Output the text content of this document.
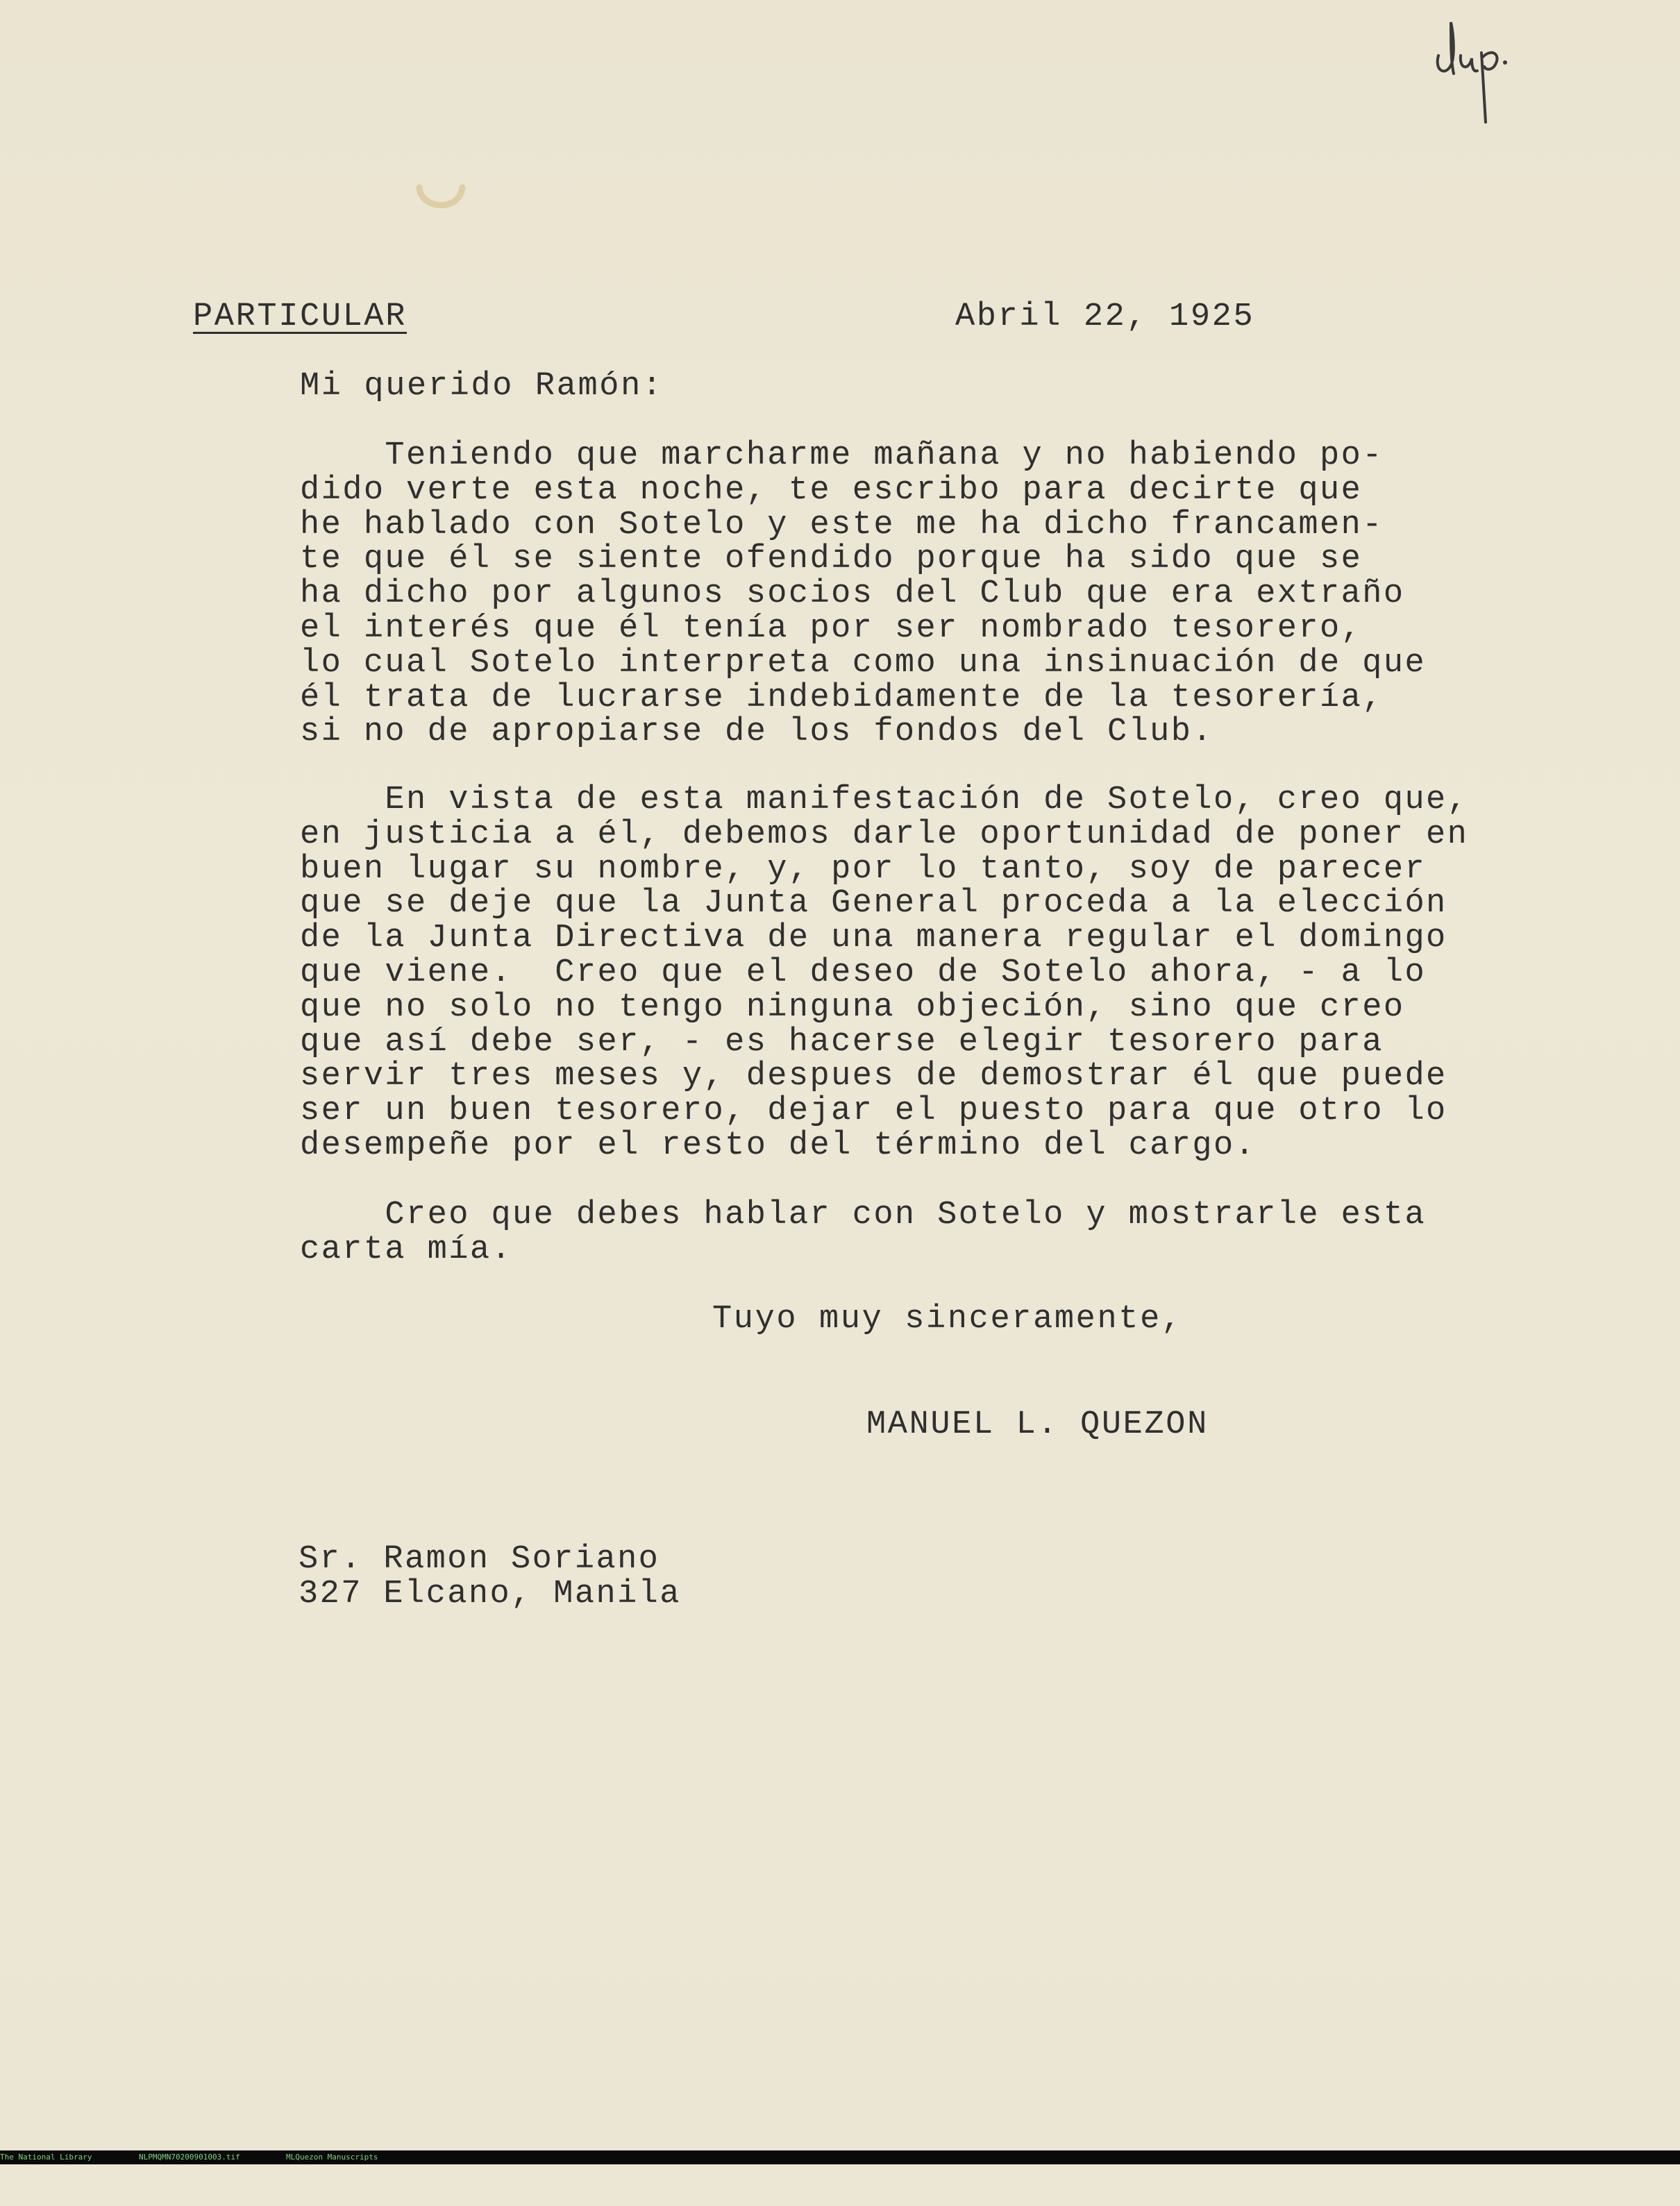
PARTICULAR	Abril 22, 1925
Mi querido Ramón:
Teniendo que marcharme mañana y no habiendo po-
dido verte esta noche, te escribo para decirte que
he hablado con Sotelo y este me ha dicho francamen-
te que él se siente ofendido porque ha sido que se
ha dicho por algunos socios del Club que era extraño
el interés que él tenía por ser nombrado tesorero,
lo cual Sotelo interpreta como una insinuación de que
él trata de lucrarse indebidamente de la tesorería,
si no de apropiarse de los fondos del Club.
En vista de esta manifestación de Sotelo, creo que,
en justicia a él, debemos darle oportunidad de poner en
buen lugar su nombre, y, por lo tanto, soy de parecer
que se deje que la Junta General proceda a la elección
de la Junta Directiva de una manera regular el domingo
que viene.  Creo que el deseo de Sotelo ahora, - a lo
que no solo no tengo ninguna objeción, sino que creo
que así debe ser, - es hacerse elegir tesorero para
servir tres meses y, despues de demostrar él que puede
ser un buen tesorero, dejar el puesto para que otro lo
desempeñe por el resto del término del cargo.
Creo que debes hablar con Sotelo y mostrarle esta
carta mía.
Tuyo muy sinceramente,
MANUEL L. QUEZON
Sr. Ramon Soriano
327 Elcano, Manila

The National Library

	NLPMQMN70200901003.tif

	MLQuezon Manuscripts
